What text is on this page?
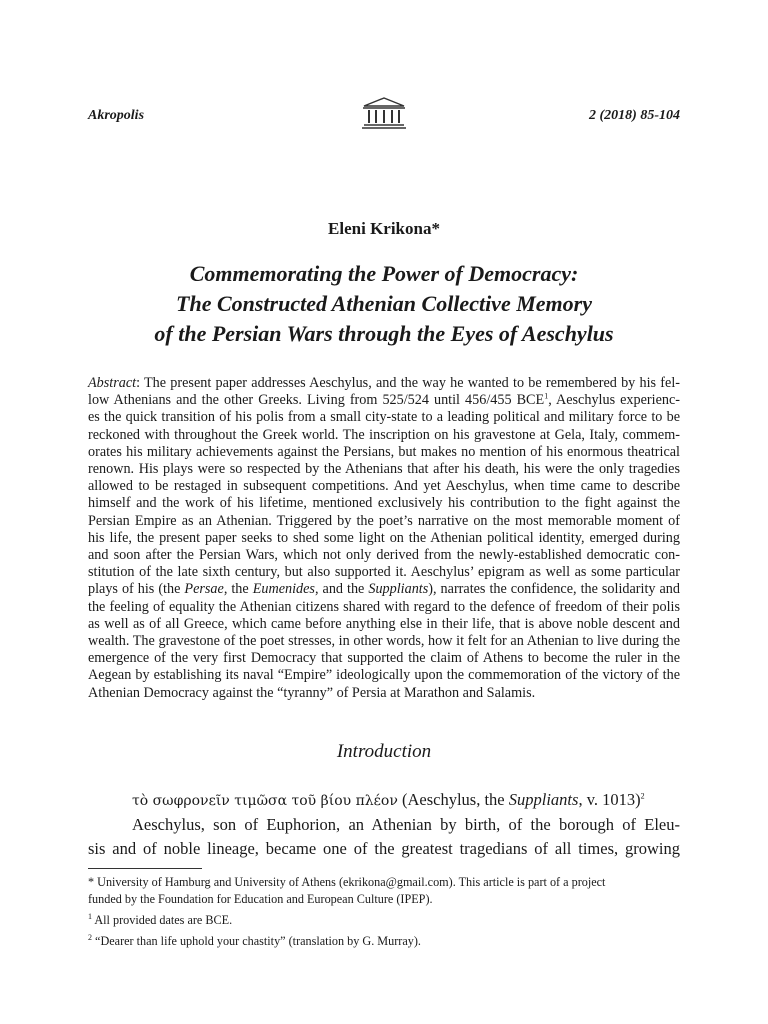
Akropolis	2 (2018) 85-104
Eleni Krikona*
Commemorating the Power of Democracy:
The Constructed Athenian Collective Memory
of the Persian Wars through the Eyes of Aeschylus
Abstract: The present paper addresses Aeschylus, and the way he wanted to be remembered by his fel-
low Athenians and the other Greeks. Living from 525/524 until 456/455 BCE$^1$, Aeschylus experienc-
es the quick transition of his polis from a small city-state to a leading political and military force to be
reckoned with throughout the Greek world. The inscription on his gravestone at Gela, Italy, commem-
orates his military achievements against the Persians, but makes no mention of his enormous theatrical
renown. His plays were so respected by the Athenians that after his death, his were the only tragedies
allowed to be restaged in subsequent competitions. And yet Aeschylus, when time came to describe
himself and the work of his lifetime, mentioned exclusively his contribution to the fight against the
Persian Empire as an Athenian. Triggered by the poet’s narrative on the most memorable moment of
his life, the present paper seeks to shed some light on the Athenian political identity, emerged during
and soon after the Persian Wars, which not only derived from the newly-established democratic con-
stitution of the late sixth century, but also supported it. Aeschylus’ epigram as well as some particular
plays of his (the Persae, the Eumenides, and the Suppliants), narrates the confidence, the solidarity and
the feeling of equality the Athenian citizens shared with regard to the defence of freedom of their polis
as well as of all Greece, which came before anything else in their life, that is above noble descent and
wealth. The gravestone of the poet stresses, in other words, how it felt for an Athenian to live during the
emergence of the very first Democracy that supported the claim of Athens to become the ruler in the
Aegean by establishing its naval “Empire” ideologically upon the commemoration of the victory of the
Athenian Democracy against the “tyranny” of Persia at Marathon and Salamis.
Introduction
τὸ σωφρονεῖν τιμῶσα τοῦ βίου πλέον (Aeschylus, the Suppliants, v. 1013)$^2$
Aeschylus, son of Euphorion, an Athenian by birth, of the borough of Eleu-
sis and of noble lineage, became one of the greatest tragedians of all times, growing
* University of Hamburg and University of Athens (ekrikona@gmail.com). This article is part of a project
funded by the Foundation for Education and European Culture (IPEP).
$^1$ All provided dates are BCE.
$^2$ “Dearer than life uphold your chastity” (translation by G. Murray).
